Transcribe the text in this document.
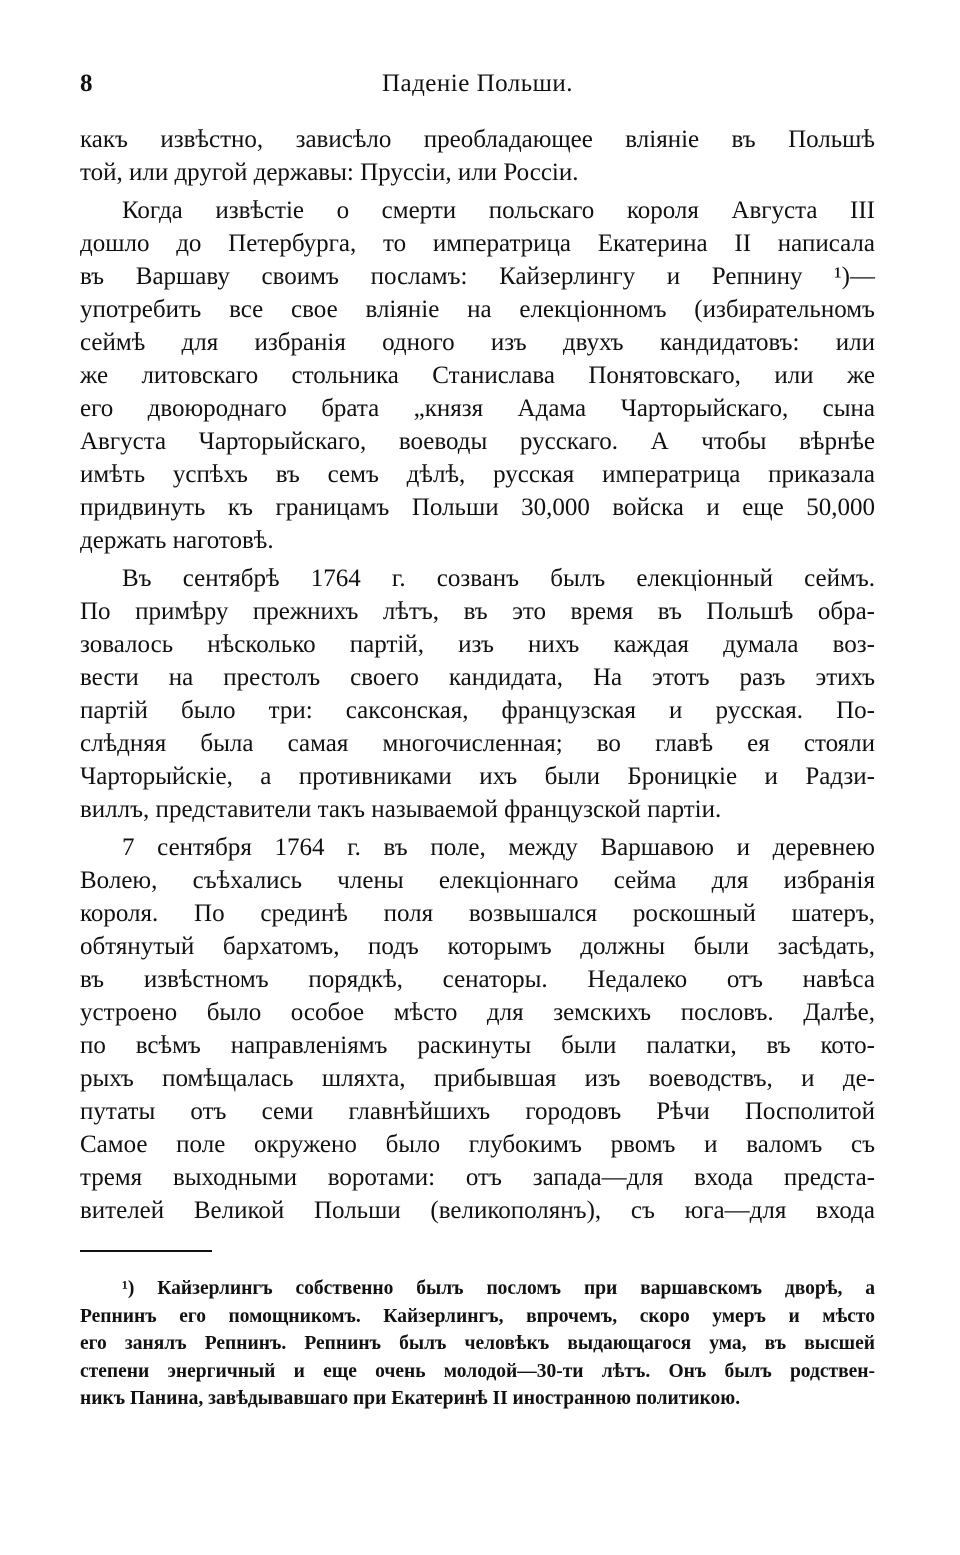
8	Паденіе Польши.
какъ извѣстно, зависѣло преобладающее вліяніе въ Польшѣ
той, или другой державы: Пруссіи, или Россіи.
Когда извѣстіе о смерти польскаго короля Августа III
дошло до Петербурга, то императрица Екатерина II написала
въ Варшаву своимъ посламъ: Кайзерлингу и Репнину ¹)—
употребить все свое вліяніе на елекціонномъ (избирательномъ
сеймѣ для избранія одного изъ двухъ кандидатовъ: или
же литовскаго стольника Станислава Понятовскаго, или же
его двоюроднаго брата „князя Адама Чарторыйскаго, сына
Августа Чарторыйскаго, воеводы русскаго. А чтобы вѣрнѣе
имѣть успѣхъ въ семъ дѣлѣ, русская императрица приказала
придвинуть къ границамъ Польши 30,000 войска и еще 50,000
держать наготовѣ.
Въ сентябрѣ 1764 г. созванъ былъ елекціонный сеймъ.
По примѣру прежнихъ лѣтъ, въ это время въ Польшѣ обра-
зовалось нѣсколько партій, изъ нихъ каждая думала воз-
вести на престолъ своего кандидата, На этотъ разъ этихъ
партій было три: саксонская, французская и русская. По-
слѣдняя была самая многочисленная; во главѣ ея стояли
Чарторыйскіе, а противниками ихъ были Броницкіе и Радзи-
виллъ, представители такъ называемой французской партіи.
7 сентября 1764 г. въ поле, между Варшавою и деревнею
Волею, съѣхались члены елекціоннаго сейма для избранія
короля. По срединѣ поля возвышался роскошный шатеръ,
обтянутый бархатомъ, подъ которымъ должны были засѣдать,
въ извѣстномъ порядкѣ, сенаторы. Недалеко отъ навѣса
устроено было особое мѣсто для земскихъ пословъ. Далѣе,
по всѣмъ направленіямъ раскинуты были палатки, въ кото-
рыхъ помѣщалась шляхта, прибывшая изъ воеводствъ, и де-
путаты отъ семи главнѣйшихъ городовъ Рѣчи Посполитой
Самое поле окружено было глубокимъ рвомъ и валомъ съ
тремя выходными воротами: отъ запада—для входа предста-
вителей Великой Польши (великополянъ), съ юга—для входа
¹) Кайзерлингъ собственно былъ посломъ при варшавскомъ дворѣ, а
Репнинъ его помощникомъ. Кайзерлингъ, впрочемъ, скоро умеръ и мѣсто
его занялъ Репнинъ. Репнинъ былъ человѣкъ выдающагося ума, въ высшей
степени энергичный и еще очень молодой—30-ти лѣтъ. Онъ былъ родствен-
никъ Панина, завѣдывавшаго при Екатеринѣ II иностранною политикою.
